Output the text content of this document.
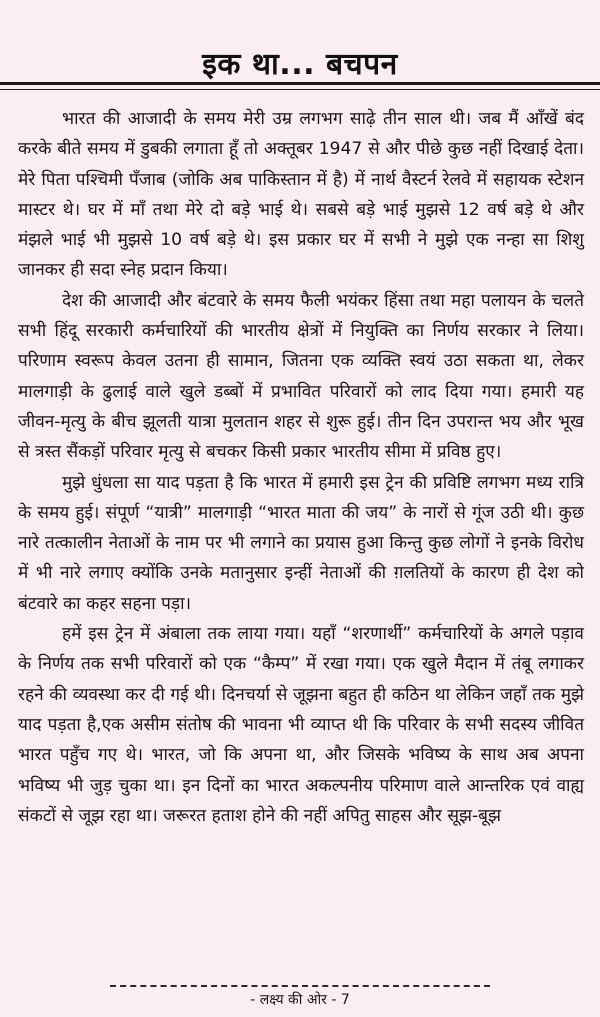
इक था... बचपन

भारत की आजादी के समय मेरी उम्र लगभग साढ़े तीन साल थी। जब मैं आँखें बंद करके बीते समय में डुबकी लगाता हूँ तो अक्तूबर 1947 से और पीछे कुछ नहीं दिखाई देता। मेरे पिता पश्चिमी पँजाब (जोकि अब पाकिस्तान में है) में नार्थ वैस्टर्न रेलवे में सहायक स्टेशन मास्टर थे। घर में माँ तथा मेरे दो बड़े भाई थे। सबसे बड़े भाई मुझसे 12 वर्ष बड़े थे और मंझले भाई भी मुझसे 10 वर्ष बड़े थे। इस प्रकार घर में सभी ने मुझे एक नन्हा सा शिशु जानकर ही सदा स्नेह प्रदान किया।

देश की आजादी और बंटवारे के समय फैली भयंकर हिंसा तथा महा पलायन के चलते सभी हिंदू सरकारी कर्मचारियों की भारतीय क्षेत्रों में नियुक्ति का निर्णय सरकार ने लिया। परिणाम स्वरूप केवल उतना ही सामान, जितना एक व्यक्ति स्वयं उठा सकता था, लेकर मालगाड़ी के ढुलाई वाले खुले डब्बों में प्रभावित परिवारों को लाद दिया गया। हमारी यह जीवन-मृत्यु के बीच झूलती यात्रा मुलतान शहर से शुरू हुई। तीन दिन उपरान्त भय और भूख से त्रस्त सैंकड़ों परिवार मृत्यु से बचकर किसी प्रकार भारतीय सीमा में प्रविष्ठ हुए।

मुझे धुंधला सा याद पड़ता है कि भारत में हमारी इस ट्रेन की प्रविष्टि लगभग मध्य रात्रि के समय हुई। संपूर्ण “यात्री” मालगाड़ी “भारत माता की जय” के नारों से गूंज उठी थी। कुछ नारे तत्कालीन नेताओं के नाम पर भी लगाने का प्रयास हुआ किन्तु कुछ लोगों ने इनके विरोध में भी नारे लगाए क्योंकि उनके मतानुसार इन्हीं नेताओं की ग़लतियों के कारण ही देश को बंटवारे का कहर सहना पड़ा।

हमें इस ट्रेन में अंबाला तक लाया गया। यहाँ “शरणार्थी” कर्मचारियों के अगले पड़ाव के निर्णय तक सभी परिवारों को एक “कैम्प” में रखा गया। एक खुले मैदान में तंबू लगाकर रहने की व्यवस्था कर दी गई थी। दिनचर्या से जूझना बहुत ही कठिन था लेकिन जहाँ तक मुझे याद पड़ता है,एक असीम संतोष की भावना भी व्याप्त थी कि परिवार के सभी सदस्य जीवित भारत पहुँच गए थे। भारत, जो कि अपना था, और जिसके भविष्य के साथ अब अपना भविष्य भी जुड़ चुका था। इन दिनों का भारत अकल्पनीय परिमाण वाले आन्तरिक एवं वाह्य संकटों से जूझ रहा था। जरूरत हताश होने की नहीं अपितु साहस और सूझ-बूझ

- लक्ष्य की ओर - 7
